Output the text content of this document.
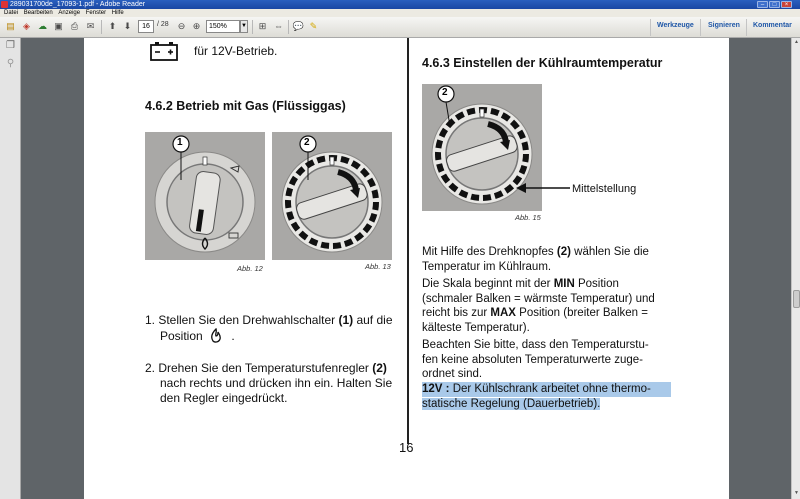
289031700de_17093-1.pdf - Adobe Reader	–	□	×
Datei Bearbeiten Anzeige Fenster Hilfe
▤ ◈ ☁ ▣ ⎙ ✉	⬆ ⬇	16	/ 28	⊖ ⊕	150%	▼	⊞ ⇔ 💬 ✎	Werkzeuge Signieren Kommentar
❐
⚲
für 12V-Betrieb.
4.6.2 Betrieb mit Gas (Flüssiggas)
1
Abb. 12
2
Abb. 13
1. Stellen Sie den Drehwahlschalter (1) auf die
Position .
2. Drehen Sie den Temperaturstufenregler (2)
nach rechts und drücken ihn ein. Halten Sie
den Regler eingedrückt.
4.6.3 Einstellen der Kühlraumtemperatur
2
Mittelstellung
Abb. 15
Mit Hilfe des Drehknopfes (2) wählen Sie die
Temperatur im Kühlraum.
Die Skala beginnt mit der MIN Position
(schmaler Balken = wärmste Temperatur) und
reicht bis zur MAX Position (breiter Balken =
kälteste Temperatur).
Beachten Sie bitte, dass den Temperaturstu-
fen keine absoluten Temperaturwerte zuge-
ordnet sind.
12V : Der Kühlschrank arbeitet ohne thermo-
statische Regelung (Dauerbetrieb).
16
▲
▼
